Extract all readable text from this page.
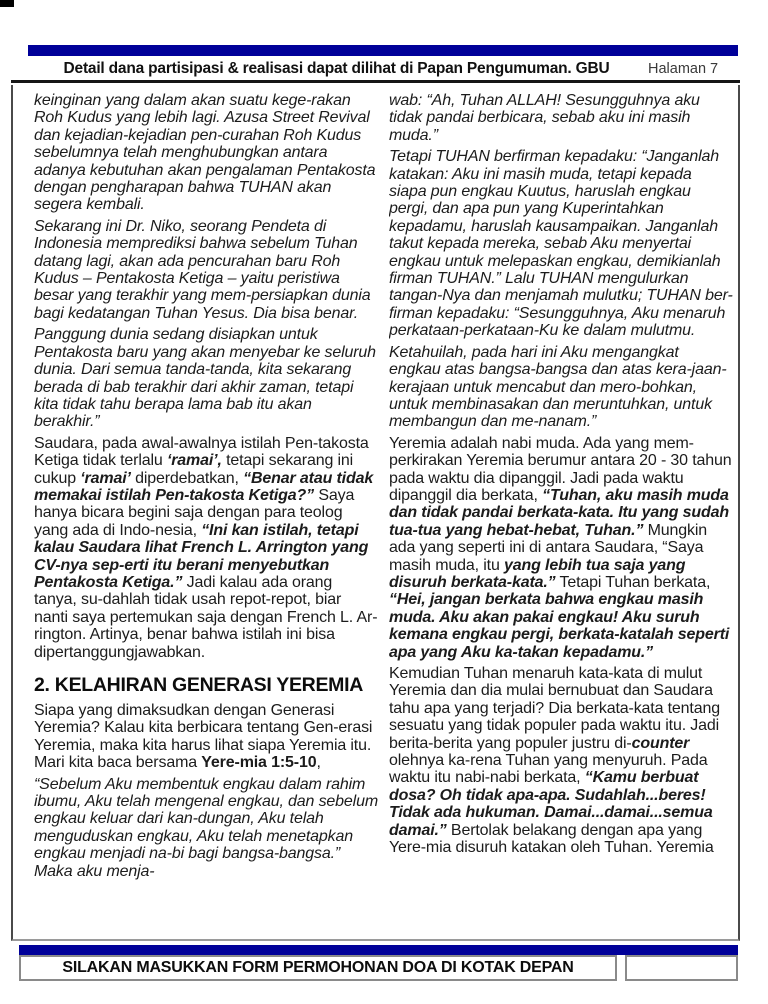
Detail dana partisipasi & realisasi dapat dilihat di Papan Pengumuman. GBU	Halaman 7

keinginan yang dalam akan suatu kege-rakan Roh Kudus yang lebih lagi. Azusa Street Revival dan kejadian-kejadian pen-curahan Roh Kudus sebelumnya telah menghubungkan antara adanya kebutuhan akan pengalaman Pentakosta dengan pengharapan bahwa TUHAN akan segera kembali.

Sekarang ini Dr. Niko, seorang Pendeta di Indonesia memprediksi bahwa sebelum Tuhan datang lagi, akan ada pencurahan baru Roh Kudus – Pentakosta Ketiga – yaitu peristiwa besar yang terakhir yang mem-persiapkan dunia bagi kedatangan Tuhan Yesus. Dia bisa benar.

Panggung dunia sedang disiapkan untuk Pentakosta baru yang akan menyebar ke seluruh dunia. Dari semua tanda-tanda, kita sekarang berada di bab terakhir dari akhir zaman, tetapi kita tidak tahu berapa lama bab itu akan berakhir.”

Saudara, pada awal-awalnya istilah Pen-takosta Ketiga tidak terlalu ‘ramai’, tetapi sekarang ini cukup ‘ramai’ diperdebatkan, “Benar atau tidak memakai istilah Pen-takosta Ketiga?” Saya hanya bicara begini saja dengan para teolog yang ada di Indo-nesia, “Ini kan istilah, tetapi kalau Saudara lihat French L. Arrington yang CV-nya sep-erti itu berani menyebutkan Pentakosta Ketiga.” Jadi kalau ada orang tanya, su-dahlah tidak usah repot-repot, biar nanti saya pertemukan saja dengan French L. Ar-rington. Artinya, benar bahwa istilah ini bisa dipertanggungjawabkan.

2. KELAHIRAN GENERASI YEREMIA

Siapa yang dimaksudkan dengan Generasi Yeremia? Kalau kita berbicara tentang Gen-erasi Yeremia, maka kita harus lihat siapa Yeremia itu. Mari kita baca bersama Yere-mia 1:5-10,

“Sebelum Aku membentuk engkau dalam rahim ibumu, Aku telah mengenal engkau, dan sebelum engkau keluar dari kan-dungan, Aku telah menguduskan engkau, Aku telah menetapkan engkau menjadi na-bi bagi bangsa-bangsa.” Maka aku menja-

wab: “Ah, Tuhan ALLAH! Sesungguhnya aku tidak pandai berbicara, sebab aku ini masih muda.”

Tetapi TUHAN berfirman kepadaku: “Janganlah katakan: Aku ini masih muda, tetapi kepada siapa pun engkau Kuutus, haruslah engkau pergi, dan apa pun yang Kuperintahkan kepadamu, haruslah kausampaikan. Janganlah takut kepada mereka, sebab Aku menyertai engkau untuk melepaskan engkau, demikianlah firman TUHAN.” Lalu TUHAN mengulurkan tangan-Nya dan menjamah mulutku; TUHAN ber-firman kepadaku: “Sesungguhnya, Aku menaruh perkataan-perkataan-Ku ke dalam mulutmu.

Ketahuilah, pada hari ini Aku mengangkat engkau atas bangsa-bangsa dan atas kera-jaan-kerajaan untuk mencabut dan mero-bohkan, untuk membinasakan dan meruntuhkan, untuk membangun dan me-nanam.”

Yeremia adalah nabi muda. Ada yang mem-perkirakan Yeremia berumur antara 20 - 30 tahun pada waktu dia dipanggil. Jadi pada waktu dipanggil dia berkata, “Tuhan, aku masih muda dan tidak pandai berkata-kata. Itu yang sudah tua-tua yang hebat-hebat, Tuhan.” Mungkin ada yang seperti ini di antara Saudara, “Saya masih muda, itu yang lebih tua saja yang disuruh berkata-kata.” Tetapi Tuhan berkata, “Hei, jangan berkata bahwa engkau masih muda. Aku akan pakai engkau! Aku suruh kemana engkau pergi, berkata-katalah seperti apa yang Aku ka-takan kepadamu.”

Kemudian Tuhan menaruh kata-kata di mulut Yeremia dan dia mulai bernubuat dan Saudara tahu apa yang terjadi? Dia berkata-kata tentang sesuatu yang tidak populer pada waktu itu. Jadi berita-berita yang populer justru di-counter olehnya ka-rena Tuhan yang menyuruh. Pada waktu itu nabi-nabi berkata, “Kamu berbuat dosa? Oh tidak apa-apa. Sudahlah...beres! Tidak ada hukuman. Damai...damai...semua damai.” Bertolak belakang dengan apa yang Yere-mia disuruh katakan oleh Tuhan. Yeremia

SILAKAN MASUKKAN FORM PERMOHONAN DOA DI KOTAK DEPAN
